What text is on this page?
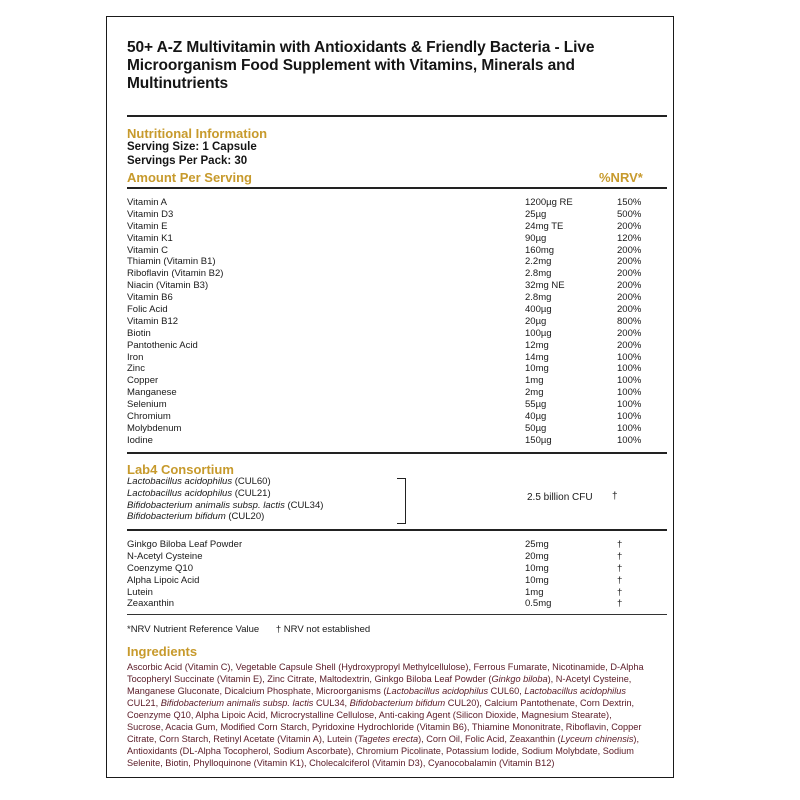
50+ A-Z Multivitamin with Antioxidants & Friendly Bacteria - Live Microorganism Food Supplement with Vitamins, Minerals and Multinutrients
Nutritional Information
Serving Size: 1 Capsule
Servings Per Pack: 30
Amount Per Serving	%NRV*
Vitamin A	1200µg RE	150%
Vitamin D3	25µg	500%
Vitamin E	24mg TE	200%
Vitamin K1	90µg	120%
Vitamin C	160mg	200%
Thiamin (Vitamin B1)	2.2mg	200%
Riboflavin (Vitamin B2)	2.8mg	200%
Niacin (Vitamin B3)	32mg NE	200%
Vitamin B6	2.8mg	200%
Folic Acid	400µg	200%
Vitamin B12	20µg	800%
Biotin	100µg	200%
Pantothenic Acid	12mg	200%
Iron	14mg	100%
Zinc	10mg	100%
Copper	1mg	100%
Manganese	2mg	100%
Selenium	55µg	100%
Chromium	40µg	100%
Molybdenum	50µg	100%
Iodine	150µg	100%
Lab4 Consortium
Lactobacillus acidophilus (CUL60)
Lactobacillus acidophilus (CUL21)
Bifidobacterium animalis subsp. lactis (CUL34)
Bifidobacterium bifidum (CUL20)
2.5 billion CFU †
Ginkgo Biloba Leaf Powder	25mg	†
N-Acetyl Cysteine	20mg	†
Coenzyme Q10	10mg	†
Alpha Lipoic Acid	10mg	†
Lutein	1mg	†
Zeaxanthin	0.5mg	†
*NRV Nutrient Reference Value † NRV not established
Ingredients
Ascorbic Acid (Vitamin C), Vegetable Capsule Shell (Hydroxypropyl Methylcellulose), Ferrous Fumarate, Nicotinamide, D-Alpha Tocopheryl Succinate (Vitamin E), Zinc Citrate, Maltodextrin, Ginkgo Biloba Leaf Powder (Ginkgo biloba), N-Acetyl Cysteine, Manganese Gluconate, Dicalcium Phosphate, Microorganisms (Lactobacillus acidophilus CUL60, Lactobacillus acidophilus CUL21, Bifidobacterium animalis subsp. lactis CUL34, Bifidobacterium bifidum CUL20), Calcium Pantothenate, Corn Dextrin, Coenzyme Q10, Alpha Lipoic Acid, Microcrystalline Cellulose, Anti-caking Agent (Silicon Dioxide, Magnesium Stearate), Sucrose, Acacia Gum, Modified Corn Starch, Pyridoxine Hydrochloride (Vitamin B6), Thiamine Mononitrate, Riboflavin, Copper Citrate, Corn Starch, Retinyl Acetate (Vitamin A), Lutein (Tagetes erecta), Corn Oil, Folic Acid, Zeaxanthin (Lyceum chinensis), Antioxidants (DL-Alpha Tocopherol, Sodium Ascorbate), Chromium Picolinate, Potassium Iodide, Sodium Molybdate, Sodium Selenite, Biotin, Phylloquinone (Vitamin K1), Cholecalciferol (Vitamin D3), Cyanocobalamin (Vitamin B12)
